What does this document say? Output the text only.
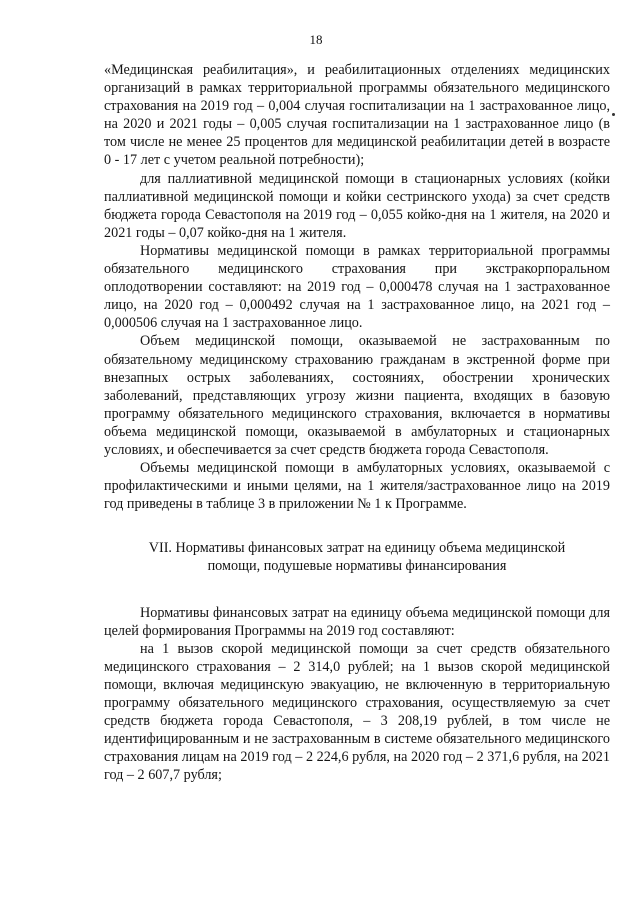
18

«Медицинская реабилитация», и реабилитационных отделениях медицинских организаций в рамках территориальной программы обязательного медицинского страхования на 2019 год – 0,004 случая госпитализации на 1 застрахованное лицо, на 2020 и 2021 годы – 0,005 случая госпитализации на 1 застрахованное лицо (в том числе не менее 25 процентов для медицинской реабилитации детей в возрасте 0 - 17 лет с учетом реальной потребности);

для паллиативной медицинской помощи в стационарных условиях (койки паллиативной медицинской помощи и койки сестринского ухода) за счет средств бюджета города Севастополя на 2019 год – 0,055 койко-дня на 1 жителя, на 2020 и 2021 годы – 0,07 койко-дня на 1 жителя.

Нормативы медицинской помощи в рамках территориальной программы обязательного медицинского страхования при экстракорпоральном оплодотворении составляют: на 2019 год – 0,000478 случая на 1 застрахованное лицо, на 2020 год – 0,000492 случая на 1 застрахованное лицо, на 2021 год – 0,000506 случая на 1 застрахованное лицо.

Объем медицинской помощи, оказываемой не застрахованным по обязательному медицинскому страхованию гражданам в экстренной форме при внезапных острых заболеваниях, состояниях, обострении хронических заболеваний, представляющих угрозу жизни пациента, входящих в базовую программу обязательного медицинского страхования, включается в нормативы объема медицинской помощи, оказываемой в амбулаторных и стационарных условиях, и обеспечивается за счет средств бюджета города Севастополя.

Объемы медицинской помощи в амбулаторных условиях, оказываемой с профилактическими и иными целями, на 1 жителя/застрахованное лицо на 2019 год приведены в таблице 3 в приложении № 1 к Программе.

VII. Нормативы финансовых затрат на единицу объема медицинской помощи, подушевые нормативы финансирования

Нормативы финансовых затрат на единицу объема медицинской помощи для целей формирования Программы на 2019 год составляют:

на 1 вызов скорой медицинской помощи за счет средств обязательного медицинского страхования – 2 314,0 рублей; на 1 вызов скорой медицинской помощи, включая медицинскую эвакуацию, не включенную в территориальную программу обязательного медицинского страхования, осуществляемую за счет средств бюджета города Севастополя, – 3 208,19 рублей, в том числе не идентифицированным и не застрахованным в системе обязательного медицинского страхования лицам на 2019 год – 2 224,6 рубля, на 2020 год – 2 371,6 рубля, на 2021 год – 2 607,7 рубля;
